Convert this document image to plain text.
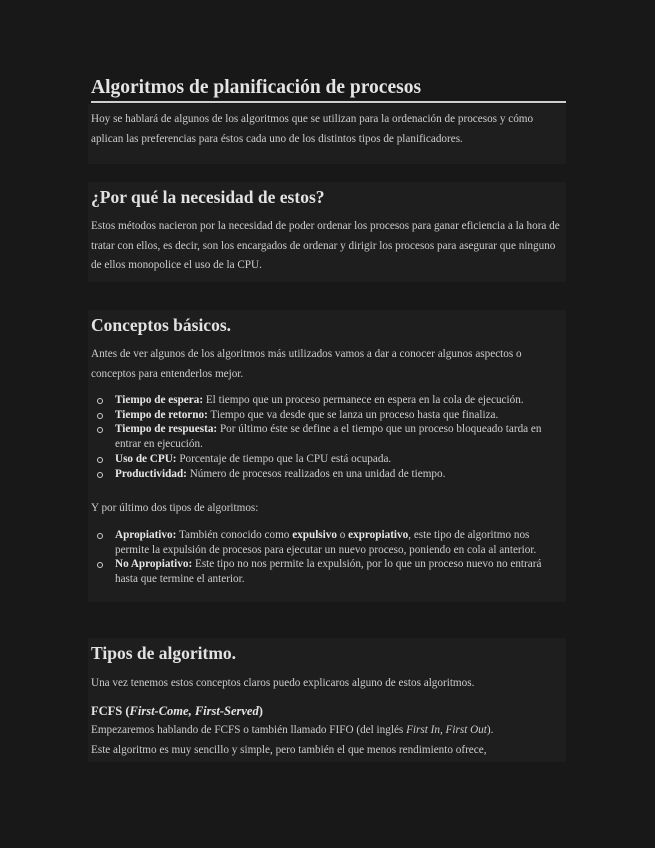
Algoritmos de planificación de procesos

Hoy se hablará de algunos de los algoritmos que se utilizan para la ordenación de procesos y cómo aplican las preferencias para éstos cada uno de los distintos tipos de planificadores.

¿Por qué la necesidad de estos?

Estos métodos nacieron por la necesidad de poder ordenar los procesos para ganar eficiencia a la hora de tratar con ellos, es decir, son los encargados de ordenar y dirigir los procesos para asegurar que ninguno de ellos monopolice el uso de la CPU.

Conceptos básicos.

Antes de ver algunos de los algoritmos más utilizados vamos a dar a conocer algunos aspectos o conceptos para entenderlos mejor.

Tiempo de espera: El tiempo que un proceso permanece en espera en la cola de ejecución.
Tiempo de retorno: Tiempo que va desde que se lanza un proceso hasta que finaliza.
Tiempo de respuesta: Por último éste se define a el tiempo que un proceso bloqueado tarda en entrar en ejecución.
Uso de CPU: Porcentaje de tiempo que la CPU está ocupada.
Productividad: Número de procesos realizados en una unidad de tiempo.

Y por último dos tipos de algoritmos:

Apropiativo: También conocido como expulsivo o expropiativo, este tipo de algoritmo nos permite la expulsión de procesos para ejecutar un nuevo proceso, poniendo en cola al anterior.
No Apropiativo: Este tipo no nos permite la expulsión, por lo que un proceso nuevo no entrará hasta que termine el anterior.
Tipos de algoritmo.

Una vez tenemos estos conceptos claros puedo explicaros alguno de estos algoritmos.

FCFS (First-Come, First-Served)

Empezaremos hablando de FCFS o también llamado FIFO (del inglés First In, First Out).
Este algoritmo es muy sencillo y simple, pero también el que menos rendimiento ofrece,
